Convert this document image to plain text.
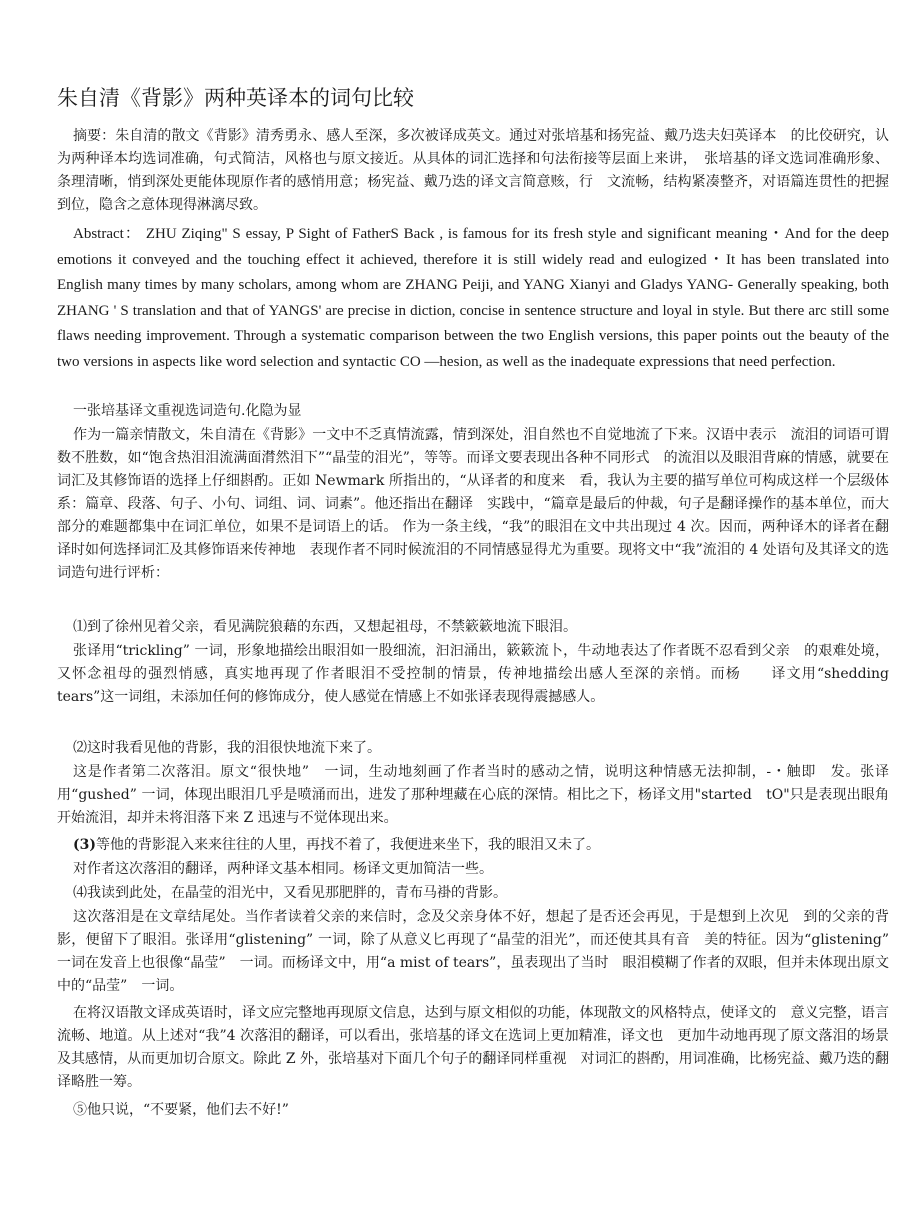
朱自清《背影》两种英译本的词句比较
摘要：朱自清的散文《背影》清秀勇永、感人至深，多次被译成英文。通过对张培基和扬宪益、戴乃迭夫妇英译本　的比佼研究，认为两种译本均选词准确，句式简洁，风格也与原文接近。从具体的词汇选择和句法衔接等层面上来讲，　张培基的译文选词准确形象、条理清晰，悄到深处更能体现原作者的感悄用意；杨宪益、戴乃迭的译文言简意赅，行　文流畅，结构紧凑整齐，对语篇连贯性的把握到位，隐含之意体现得淋漓尽致。
Abstract： ZHU Ziqing" S essay, P Sight of FatherS Back , is famous for its fresh style and significant meaning・And for the deep emotions it conveyed and the touching effect it achieved, therefore it is still widely read and eulogized・It has been translated into English many times by many scholars, among whom are ZHANG Peiji, and YANG Xianyi and Gladys YANG- Generally speaking, both ZHANG ' S translation and that of YANGS' are precise in diction, concise in sentence structure and loyal in style. But there arc still some flaws needing improvement. Through a systematic comparison between the two English versions, this paper points out the beauty of the two versions in aspects like word selection and syntactic CO —hesion, as well as the inadequate expressions that need perfection.
一张培基译文重视选词造句.化隐为显
作为一篇亲情散文，朱自清在《背影》一文中不乏真情流露，情到深处，泪自然也不自觉地流了下来。汉语中表示　流泪的词语可谓数不胜数，如“饱含热泪泪流满面潸然泪下”“晶莹的泪光”，等等。而译文要表现出各种不同形式　的流泪以及眼泪背麻的情感，就要在词汇及其修饰语的选择上仔细斟酌。正如 Newmark 所指出的，“从译者的和度来　看，我认为主要的描写单位可构成这样一个层级体系：篇章、段落、句子、小句、词组、词、词素”。他还指出在翻译　实践中，“篇章是最后的仲裁，句子是翻译操作的基本单位，而大部分的难题都集中在词汇单位，如果不是词语上的话。 作为一条主线，“我”的眼泪在文中共出现过 4 次。因而，两种译木的译者在翻译时如何选择词汇及其修饰语来传神地　表现作者不同时候流泪的不同情感显得尤为重要。现将文中“我”流泪的 4 处语句及其译文的选词造句进行评析：
⑴到了徐州见着父亲，看见满院狼藉的东西，又想起祖母，不禁簌簌地流下眼泪。
张译用“trickling” 一词，形象地描绘出眼泪如一股细流，汩汩涌出，簌簌流卜，牛动地表达了作者既不忍看到父亲　的艰难处境，又怀念祖母的强烈悄感，真实地再现了作者眼泪不受控制的情景，传神地描绘出感人至深的亲悄。而杨　　译文用“shedding tears”这一词组，未添加任何的修饰成分，使人感觉在情感上不如张译表现得震撼感人。
⑵这时我看见他的背影，我的泪很快地流下来了。
这是作者第二次落泪。原文“很快地”　一词，生动地刻画了作者当时的感动之情，说明这种情感无法抑制，-・触即　发。张译用“gushed” 一词，体现出眼泪几乎是喷涌而出，进发了那种埋藏在心底的深情。相比之下，杨译文用"started　tO"只是表现出眼角开始流泪，却并未将泪落下来 Z 迅速与不觉体现出来。
(3)等他的背影混入来来往往的人里，再找不着了，我便进来坐下，我的眼泪又未了。
对作者这次落泪的翻译，两种译文基本相同。杨译文更加简洁一些。
⑷我读到此处，在晶莹的泪光中，又看见那肥胖的，青布马褂的背影。
这次落泪是在文章结尾处。当作者读着父亲的来信时，念及父亲身体不好，想起了是否还会再见，于是想到上次见　到的父亲的背影，便留下了眼泪。张译用“glistening” 一词，除了从意义匕再现了“晶莹的泪光”，而还使其具有音　美的特征。因为“glistening” 一词在发音上也很像“晶莹”　一词。而杨译文中，用“a mist of tears”，虽表现出了当时　眼泪模糊了作者的双眼，但并未体现出原文中的“品莹”　一词。
在将汉语散文译成英语时，译文应完整地再现原文信息，达到与原文相似的功能，体现散文的风格特点，使译文的　意义完整，语言流畅、地道。从上述对“我”4 次落泪的翻译，可以看出，张培基的译文在选词上更加精准，译文也　更加牛动地再现了原文落泪的场景及其感情，从而更加切合原文。除此 Z 外，张培基对下面几个句子的翻译同样重视　对词汇的斟酌，用词准确，比杨宪益、戴乃迭的翻译略胜一筹。
⑤他只说，“不要紧，他们去不好!”
